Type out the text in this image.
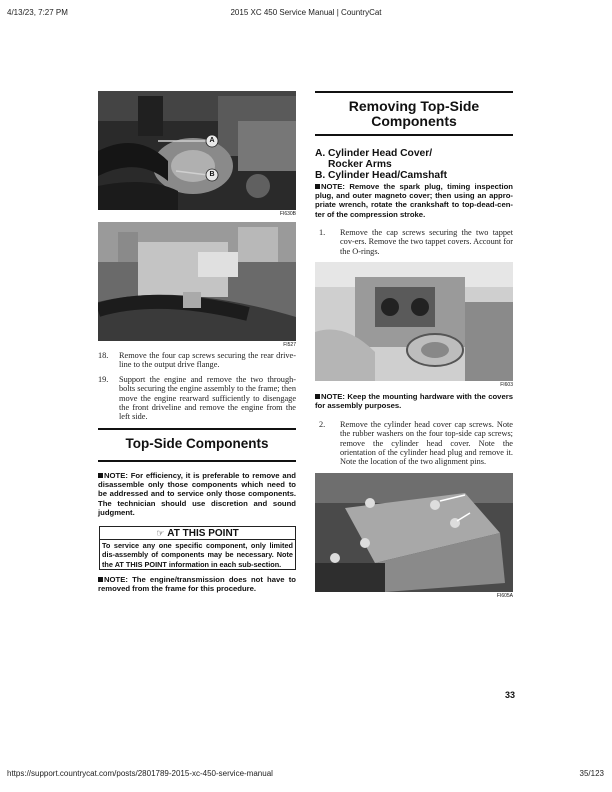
4/13/23, 7:27 PM	2015 XC 450 Service Manual | CountryCat
A
B
FI630B
FI527
18. Remove the four cap screws securing the rear drive-line to the output drive flange.
19. Support the engine and remove the two through-bolts securing the engine assembly to the frame; then move the engine rearward sufficiently to disengage the front driveline and remove the engine from the left side.
Top-Side Components
NOTE: For efficiency, it is preferable to remove and disassemble only those components which need to be addressed and to service only those components. The technician should use discretion and sound judgment.
☞ AT THIS POINT
To service any one specific component, only limited dis-assembly of components may be necessary. Note the AT THIS POINT information in each sub-section.
NOTE: The engine/transmission does not have to removed from the frame for this procedure.
Removing Top-Side
Components
A. Cylinder Head Cover/
Rocker Arms
B. Cylinder Head/Camshaft
NOTE: Remove the spark plug, timing inspection plug, and outer magneto cover; then using an appro-priate wrench, rotate the crankshaft to top-dead-cen-ter of the compression stroke.
1. Remove the cap screws securing the two tappet cov-ers. Remove the two tappet covers. Account for the O-rings.
FI603
NOTE: Keep the mounting hardware with the covers for assembly purposes.
2. Remove the cylinder head cover cap screws. Note the rubber washers on the four top-side cap screws; remove the cylinder head cover. Note the orientation of the cylinder head plug and remove it. Note the location of the two alignment pins.
FI605A
33
https://support.countrycat.com/posts/2801789-2015-xc-450-service-manual	35/123
